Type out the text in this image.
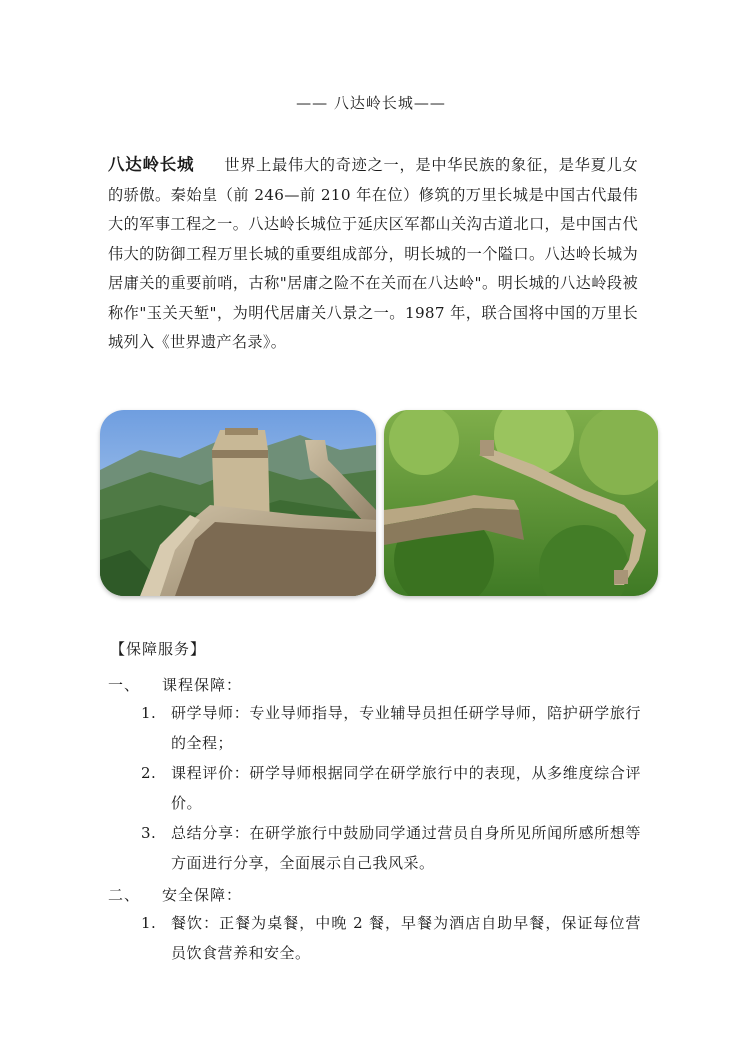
—— 八达岭长城——

八达岭长城 世界上最伟大的奇迹之一，是中华民族的象征，是华夏儿女的骄傲。秦始皇（前 246—前 210 年在位）修筑的万里长城是中国古代最伟大的军事工程之一。八达岭长城位于延庆区军都山关沟古道北口，是中国古代伟大的防御工程万里长城的重要组成部分，明长城的一个隘口。八达岭长城为居庸关的重要前哨，古称"居庸之险不在关而在八达岭"。明长城的八达岭段被称作"玉关天堑"，为明代居庸关八景之一。1987 年，联合国将中国的万里长城列入《世界遗产名录》。

【保障服务】
一、 课程保障：
1. 研学导师：专业导师指导，专业辅导员担任研学导师，陪护研学旅行的全程；
2. 课程评价：研学导师根据同学在研学旅行中的表现，从多维度综合评价。
3. 总结分享：在研学旅行中鼓励同学通过营员自身所见所闻所感所想等方面进行分享，全面展示自己我风采。
二、 安全保障：
1. 餐饮：正餐为桌餐，中晚 2 餐，早餐为酒店自助早餐，保证每位营员饮食营养和安全。
